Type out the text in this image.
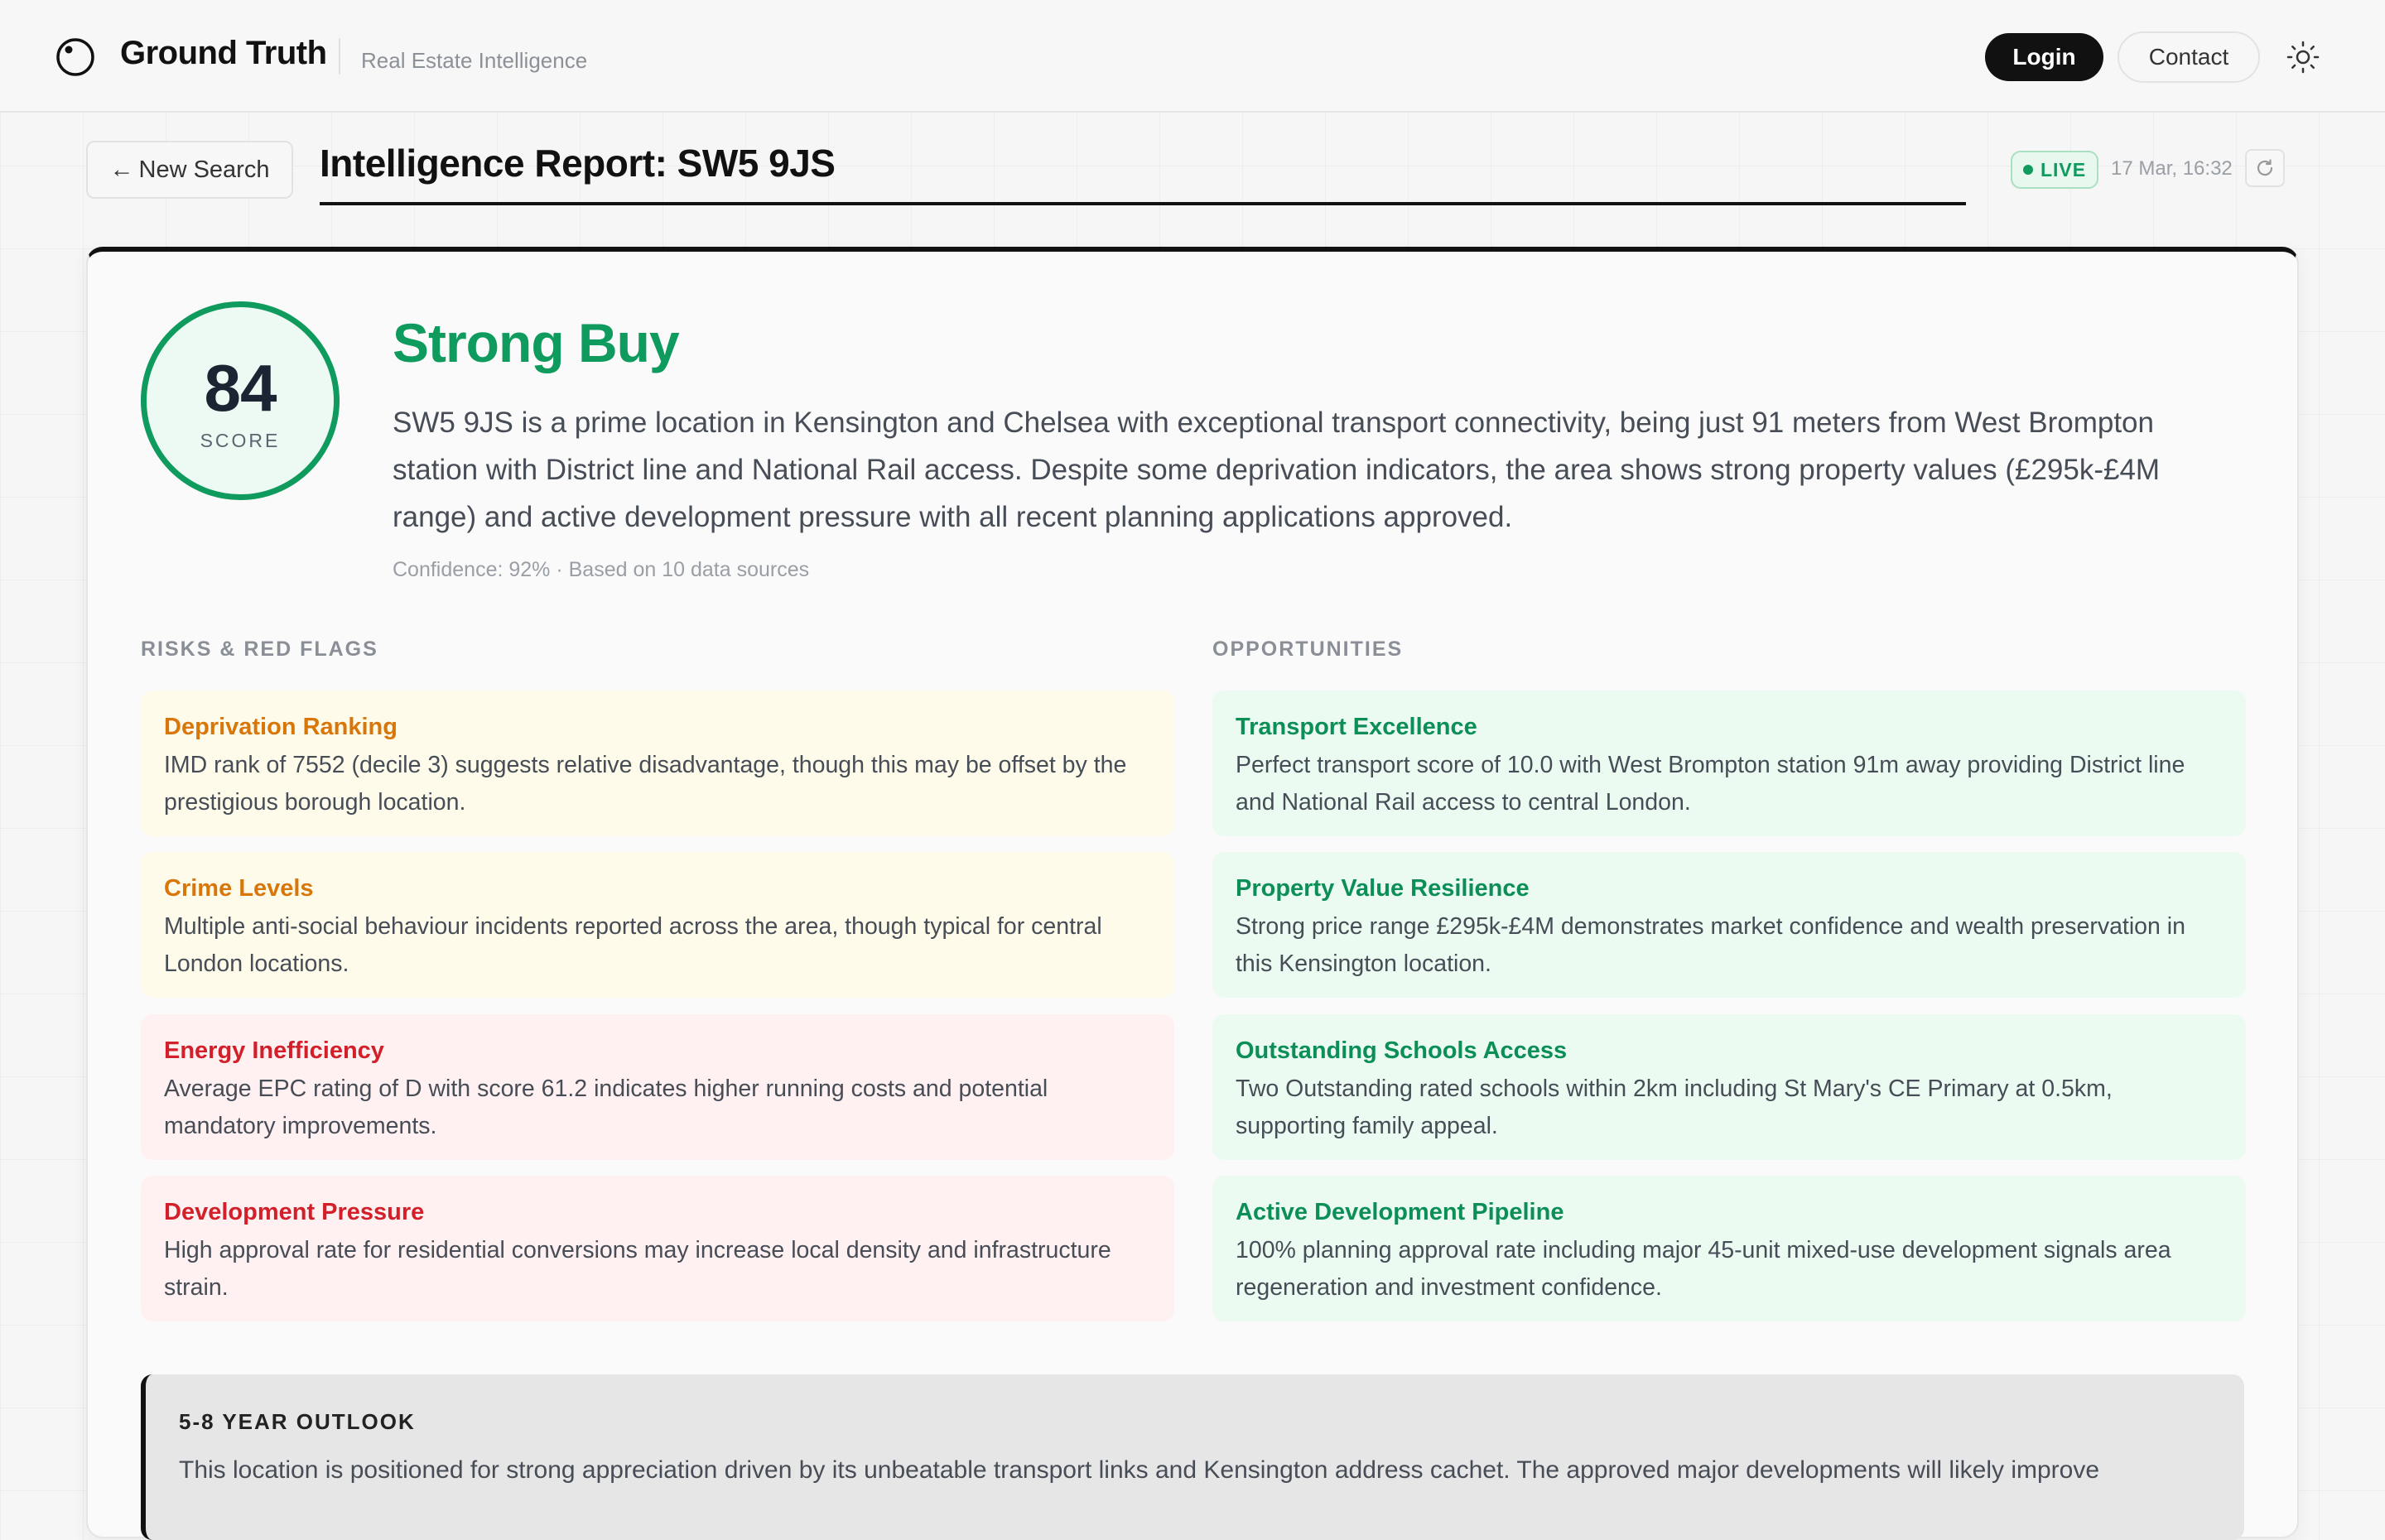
Ground Truth Real Estate Intelligence	Login	Contact
← New Search Intelligence Report: SW5 9JS	LIVE 17 Mar, 16:32
84
SCORE
Strong Buy
SW5 9JS is a prime location in Kensington and Chelsea with exceptional transport connectivity, being just 91 meters from West Brompton station with District line and National Rail access. Despite some deprivation indicators, the area shows strong property values (£295k-£4M range) and active development pressure with all recent planning applications approved.
Confidence: 92% · Based on 10 data sources
RISKS & RED FLAGS
Deprivation Ranking
IMD rank of 7552 (decile 3) suggests relative disadvantage, though this may be offset by the prestigious borough location.
Crime Levels
Multiple anti-social behaviour incidents reported across the area, though typical for central London locations.
Energy Inefficiency
Average EPC rating of D with score 61.2 indicates higher running costs and potential mandatory improvements.
Development Pressure
High approval rate for residential conversions may increase local density and infrastructure strain.
OPPORTUNITIES
Transport Excellence
Perfect transport score of 10.0 with West Brompton station 91m away providing District line and National Rail access to central London.
Property Value Resilience
Strong price range £295k-£4M demonstrates market confidence and wealth preservation in this Kensington location.
Outstanding Schools Access
Two Outstanding rated schools within 2km including St Mary's CE Primary at 0.5km, supporting family appeal.
Active Development Pipeline
100% planning approval rate including major 45-unit mixed-use development signals area regeneration and investment confidence.
5-8 YEAR OUTLOOK
This location is positioned for strong appreciation driven by its unbeatable transport links and Kensington address cachet. The approved major developments will likely improve
